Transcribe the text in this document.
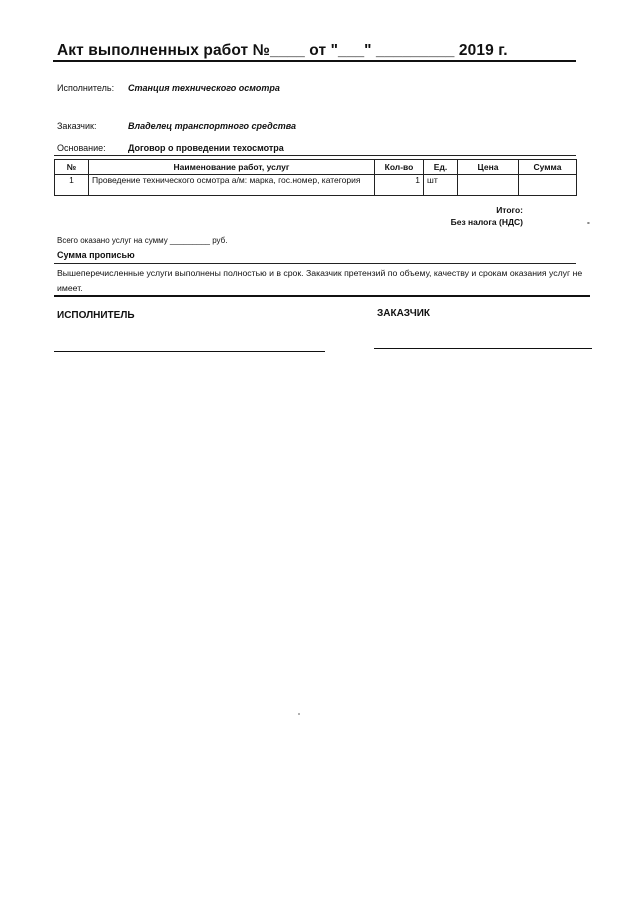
Акт выполненных работ №____ от "___" _________ 2019 г.
Исполнитель: Станция технического осмотра
Заказчик:	Владелец транспортного средства
Основание: Договор о проведении техосмотра
№	Наименование работ, услуг	Кол-во	Ед.	Цена	Сумма
1	Проведение технического осмотра а/м: марка, гос.номер, категория	1	шт		
Итого:
Без налога (НДС)	-
Всего оказано услуг на сумму _________ руб.
Сумма прописью
Вышеперечисленные услуги выполнены полностью и в срок. Заказчик претензий по объему, качеству и срокам оказания услуг не имеет.
ИСПОЛНИТЕЛЬ	ЗАКАЗЧИК
